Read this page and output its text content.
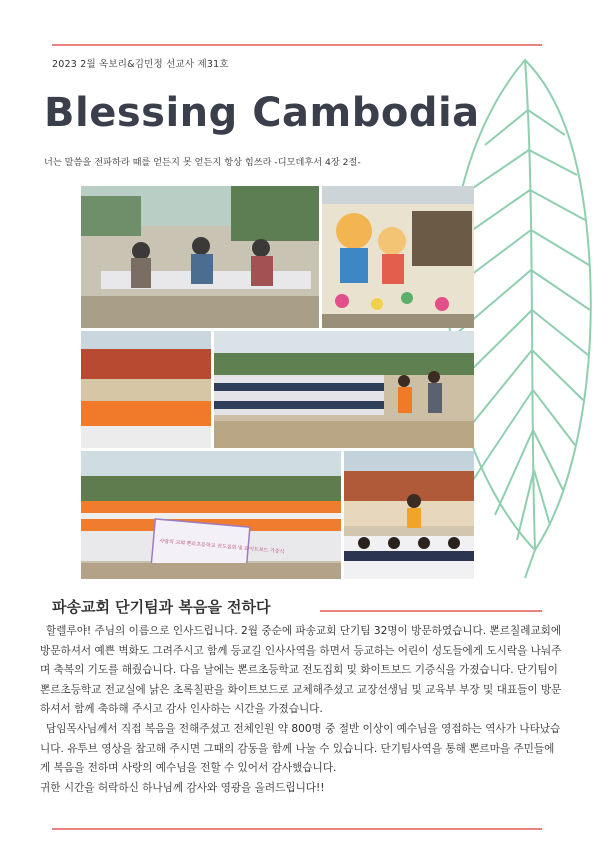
2023 2월 옥보리&김민정 선교사 제31호
Blessing Cambodia
너는 말씀을 전파하라 때를 얻든지 못 얻든지 항상 힘쓰라 -디모데후서 4장 2절-
사랑의 교회 뽄르초등학교 전도집회 및 화이트보드 기증식
파송교회 단기팀과 복음을 전하다

할렐루야! 주님의 이름으로 인사드립니다. 2월 중순에 파송교회 단기팀 32명이 방문하였습니다. 뽄르칠례교회에 방문하셔서 예쁜 벽화도 그려주시고 함께 등교길 인사사역을 하면서 등교하는 어린이 성도들에게 도시락을 나눠주며 축복의 기도를 해줬습니다. 다음 날에는 뽄르초등학교 전도집회 및 화이트보드 기증식을 가졌습니다. 단기팀이 뽄르초등학교 전교실에 낡은 초록칠판을 화이트보드로 교체해주셨고 교장선생님 및 교육부 부장 및 대표들이 방문하셔서 함께 축하해 주시고 감사 인사하는 시간을 가졌습니다.

담임목사님께서 직접 복음을 전해주셨고 전체인원 약 800명 중 절반 이상이 예수님을 영접하는 역사가 나타났습니다. 유투브 영상을 참고해 주시면 그때의 감동을 함께 나눌 수 있습니다. 단기팀사역을 통해 뽄르마을 주민들에게 복음을 전하며 사랑의 예수님을 전할 수 있어서 감사했습니다.

귀한 시간을 허락하신 하나님께 감사와 영광을 올려드립니다!!
